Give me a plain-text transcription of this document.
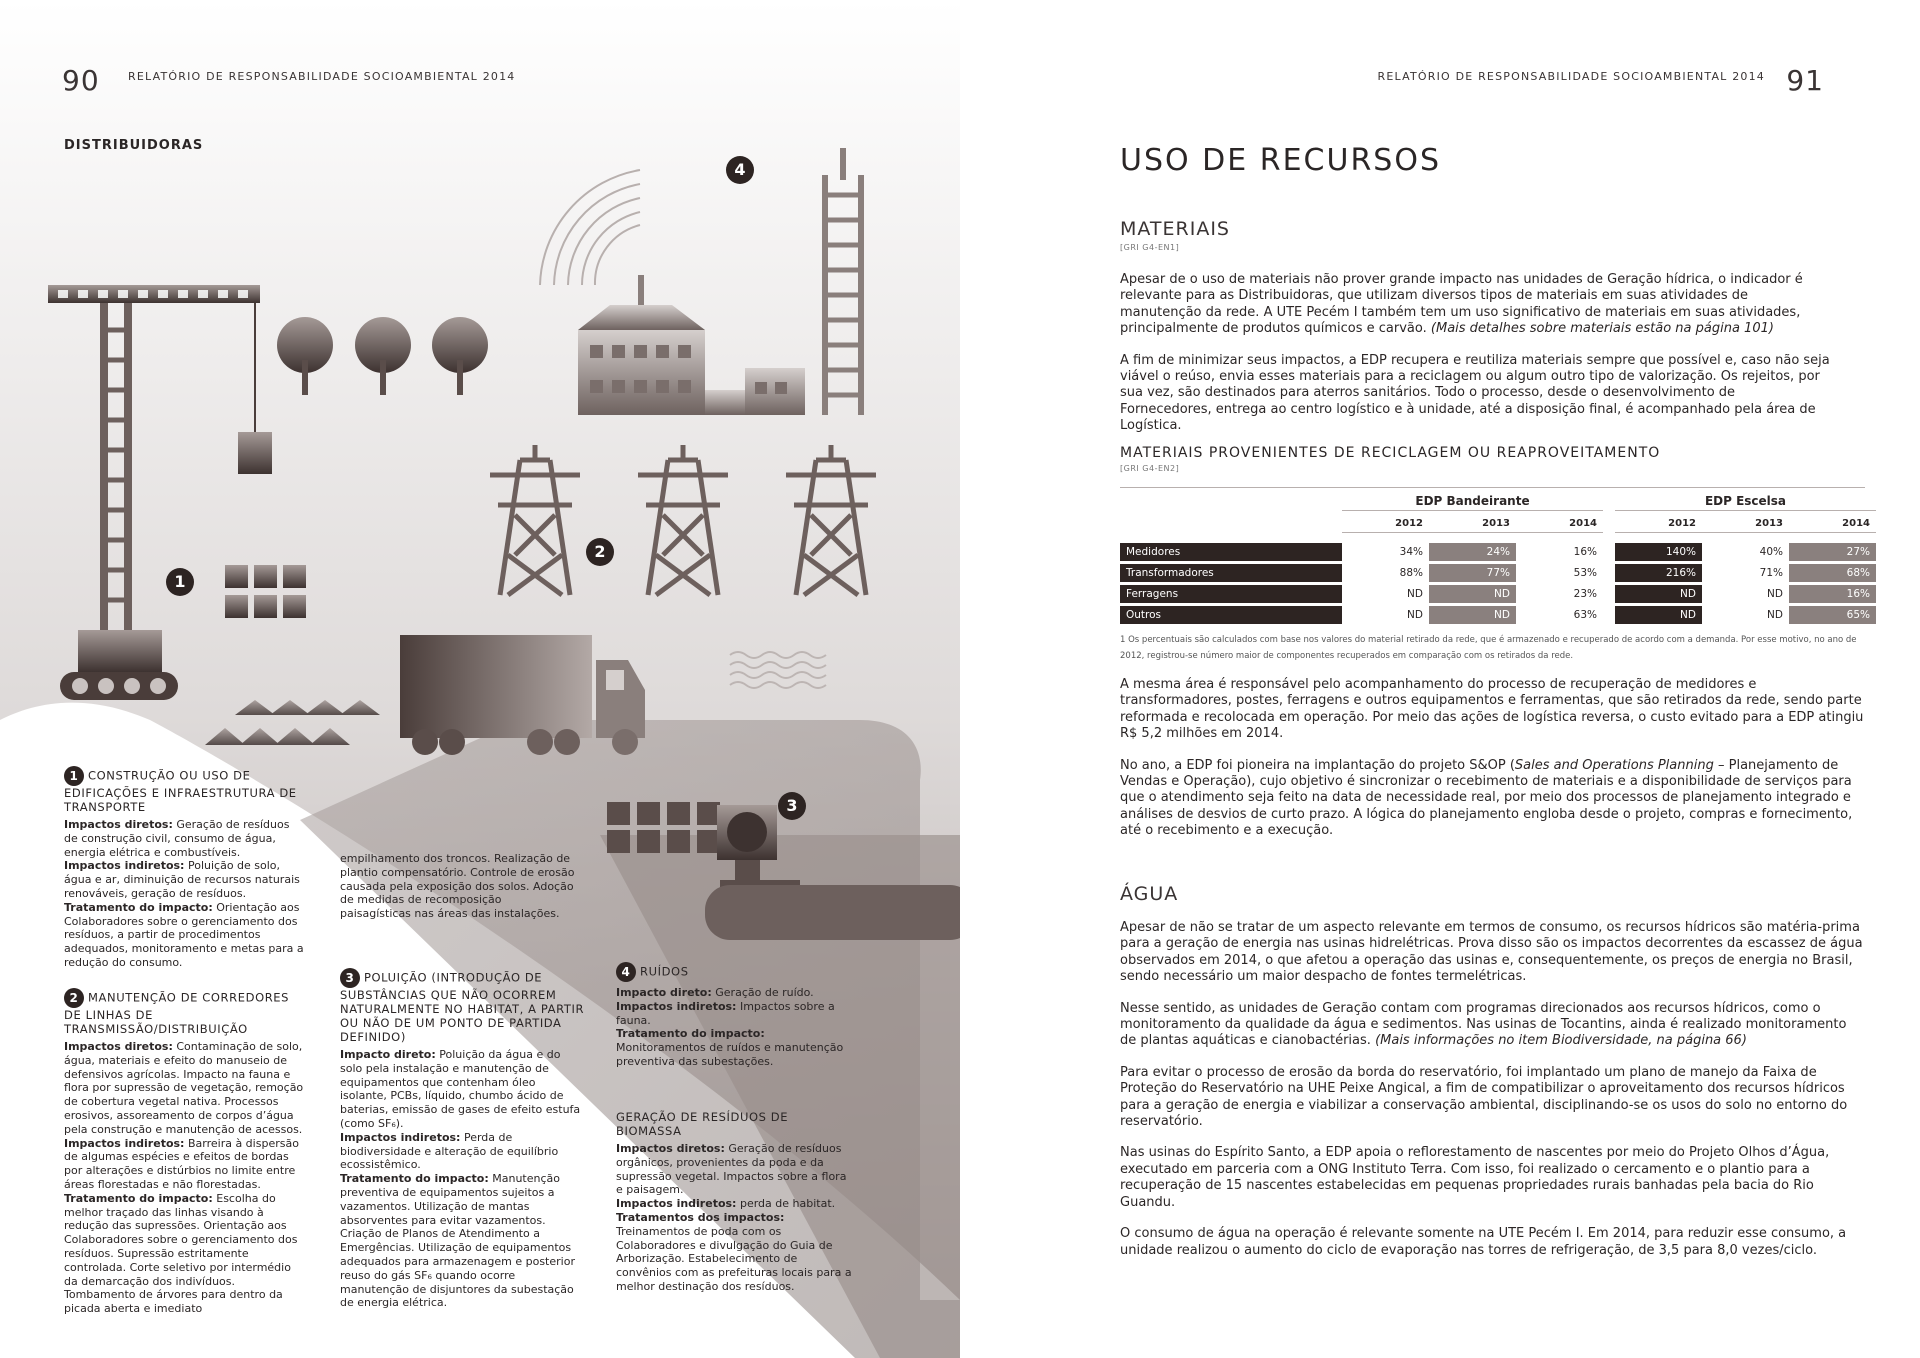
90	RELATÓRIO DE RESPONSABILIDADE SOCIOAMBIENTAL 2014
DISTRIBUIDORAS
4
1
2
3
1 CONSTRUÇÃO OU USO DE EDIFICAÇÕES E INFRAESTRUTURA DE TRANSPORTE

Impactos diretos: Geração de resíduos de construção civil, consumo de água, energia elétrica e combustíveis.

Impactos indiretos: Poluição de solo, água e ar, diminuição de recursos naturais renováveis, geração de resíduos.

Tratamento do impacto: Orientação aos Colaboradores sobre o gerenciamento dos resíduos, a partir de procedimentos adequados, monitoramento e metas para a redução do consumo.

2 MANUTENÇÃO DE CORREDORES DE LINHAS DE TRANSMISSÃO/DISTRIBUIÇÃO

Impactos diretos: Contaminação de solo, água, materiais e efeito do manuseio de defensivos agrícolas. Impacto na fauna e flora por supressão de vegetação, remoção de cobertura vegetal nativa. Processos erosivos, assoreamento de corpos d’água pela construção e manutenção de acessos.

Impactos indiretos: Barreira à dispersão de algumas espécies e efeitos de bordas por alterações e distúrbios no limite entre áreas florestadas e não florestadas.

Tratamento do impacto: Escolha do melhor traçado das linhas visando à redução das supressões. Orientação aos Colaboradores sobre o gerenciamento dos resíduos. Supressão estritamente controlada. Corte seletivo por intermédio da demarcação dos indivíduos. Tombamento de árvores para dentro da picada aberta e imediato

empilhamento dos troncos. Realização de plantio compensatório. Controle de erosão causada pela exposição dos solos. Adoção de medidas de recomposição paisagísticas nas áreas das instalações.

3 POLUIÇÃO (INTRODUÇÃO DE SUBSTÂNCIAS QUE NÃO OCORREM NATURALMENTE NO HABITAT, A PARTIR OU NÃO DE UM PONTO DE PARTIDA DEFINIDO)

Impacto direto: Poluição da água e do solo pela instalação e manutenção de equipamentos que contenham óleo isolante, PCBs, líquido, chumbo ácido de baterias, emissão de gases de efeito estufa (como SF₆).

Impactos indiretos: Perda de biodiversidade e alteração de equilíbrio ecossistêmico.

Tratamento do impacto: Manutenção preventiva de equipamentos sujeitos a vazamentos. Utilização de mantas absorventes para evitar vazamentos. Criação de Planos de Atendimento a Emergências. Utilização de equipamentos adequados para armazenagem e posterior reuso do gás SF₆ quando ocorre manutenção de disjuntores da subestação de energia elétrica.

4 RUÍDOS

Impacto direto: Geração de ruído.

Impactos indiretos: Impactos sobre a fauna.

Tratamento do impacto: Monitoramentos de ruídos e manutenção preventiva das subestações.

GERAÇÃO DE RESÍDUOS DE BIOMASSA

Impactos diretos: Geração de resíduos orgânicos, provenientes da poda e da supressão vegetal. Impactos sobre a flora e paisagem.

Impactos indiretos: perda de habitat.

Tratamentos dos impactos: Treinamentos de poda com os Colaboradores e divulgação do Guia de Arborização. Estabelecimento de convênios com as prefeituras locais para a melhor destinação dos resíduos.

RELATÓRIO DE RESPONSABILIDADE SOCIOAMBIENTAL 2014 91
USO DE RECURSOS
MATERIAIS
[GRI G4-EN1]

Apesar de o uso de materiais não prover grande impacto nas unidades de Geração hídrica, o indicador é relevante para as Distribuidoras, que utilizam diversos tipos de materiais em suas atividades de manutenção da rede. A UTE Pecém I também tem um uso significativo de materiais em suas atividades, principalmente de produtos químicos e carvão. (Mais detalhes sobre materiais estão na página 101)

A fim de minimizar seus impactos, a EDP recupera e reutiliza materiais sempre que possível e, caso não seja viável o reúso, envia esses materiais para a reciclagem ou algum outro tipo de valorização. Os rejeitos, por sua vez, são destinados para aterros sanitários. Todo o processo, desde o desenvolvimento de Fornecedores, entrega ao centro logístico e à unidade, até a disposição final, é acompanhado pela área de Logística.

MATERIAIS PROVENIENTES DE RECICLAGEM OU REAPROVEITAMENTO
[GRI G4-EN2]
	EDP Bandeirante				EDP Escelsa		
	2012	2013	2014		2012	2013	2014

Medidores	34%	24%	16%		140%	40%	27%
Transformadores	88%	77%	53%		216%	71%	68%
Ferragens	ND	ND	23%		ND	ND	16%
Outros	ND	ND	63%		ND	ND	65%
1 Os percentuais são calculados com base nos valores do material retirado da rede, que é armazenado e recuperado de acordo com a demanda. Por esse motivo, no ano de
2012, registrou-se número maior de componentes recuperados em comparação com os retirados da rede.

A mesma área é responsável pelo acompanhamento do processo de recuperação de medidores e transformadores, postes, ferragens e outros equipamentos e ferramentas, que são retirados da rede, sendo parte reformada e recolocada em operação. Por meio das ações de logística reversa, o custo evitado para a EDP atingiu R$ 5,2 milhões em 2014.

No ano, a EDP foi pioneira na implantação do projeto S&OP (Sales and Operations Planning – Planejamento de Vendas e Operação), cujo objetivo é sincronizar o recebimento de materiais e a disponibilidade de serviços para que o atendimento seja feito na data de necessidade real, por meio dos processos de planejamento integrado e análises de desvios de curto prazo. A lógica do planejamento engloba desde o projeto, compras e fornecimento, até o recebimento e a execução.

ÁGUA

Apesar de não se tratar de um aspecto relevante em termos de consumo, os recursos hídricos são matéria-prima para a geração de energia nas usinas hidrelétricas. Prova disso são os impactos decorrentes da escassez de água observados em 2014, o que afetou a operação das usinas e, consequentemente, os preços de energia no Brasil, sendo necessário um maior despacho de fontes termelétricas.

Nesse sentido, as unidades de Geração contam com programas direcionados aos recursos hídricos, como o monitoramento da qualidade da água e sedimentos. Nas usinas de Tocantins, ainda é realizado monitoramento de plantas aquáticas e cianobactérias. (Mais informações no item Biodiversidade, na página 66)

Para evitar o processo de erosão da borda do reservatório, foi implantado um plano de manejo da Faixa de Proteção do Reservatório na UHE Peixe Angical, a fim de compatibilizar o aproveitamento dos recursos hídricos para a geração de energia e viabilizar a conservação ambiental, disciplinando-se os usos do solo no entorno do reservatório.

Nas usinas do Espírito Santo, a EDP apoia o reflorestamento de nascentes por meio do Projeto Olhos d’Água, executado em parceria com a ONG Instituto Terra. Com isso, foi realizado o cercamento e o plantio para a recuperação de 15 nascentes estabelecidas em pequenas propriedades rurais banhadas pela bacia do Rio Guandu.

O consumo de água na operação é relevante somente na UTE Pecém I. Em 2014, para reduzir esse consumo, a unidade realizou o aumento do ciclo de evaporação nas torres de refrigeração, de 3,5 para 8,0 vezes/ciclo.
